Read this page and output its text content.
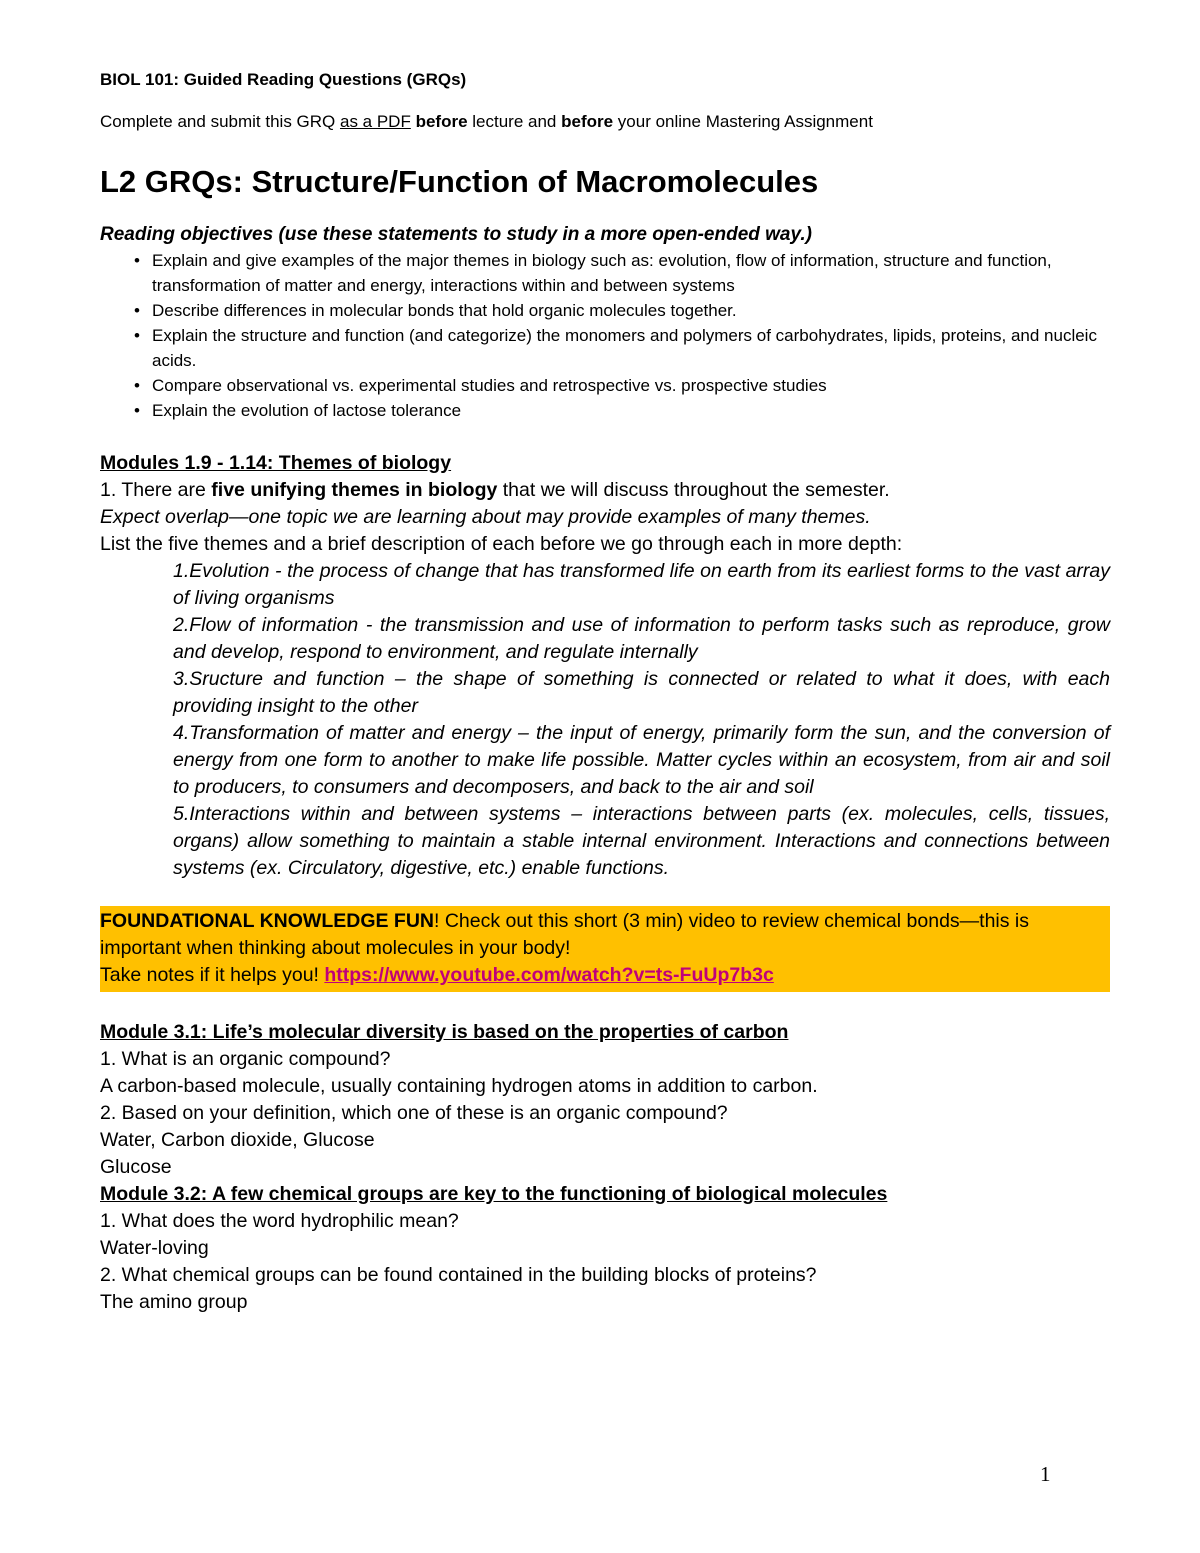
BIOL 101: Guided Reading Questions (GRQs)

Complete and submit this GRQ as a PDF before lecture and before your online Mastering Assignment

L2 GRQs: Structure/Function of Macromolecules

Reading objectives (use these statements to study in a more open-ended way.)

• Explain and give examples of the major themes in biology such as: evolution, flow of information, structure and function, transformation of matter and energy, interactions within and between systems
• Describe differences in molecular bonds that hold organic molecules together.
• Explain the structure and function (and categorize) the monomers and polymers of carbohydrates, lipids, proteins, and nucleic acids.
• Compare observational vs. experimental studies and retrospective vs. prospective studies
• Explain the evolution of lactose tolerance

Modules 1.9 - 1.14: Themes of biology

1. There are five unifying themes in biology that we will discuss throughout the semester.

Expect overlap—one topic we are learning about may provide examples of many themes.

List the five themes and a brief description of each before we go through each in more depth:

1.Evolution - the process of change that has transformed life on earth from its earliest forms to the vast array of living organisms
2.Flow of information - the transmission and use of information to perform tasks such as reproduce, grow and develop, respond to environment, and regulate internally
3.Sructure and function – the shape of something is connected or related to what it does, with each providing insight to the other
4.Transformation of matter and energy – the input of energy, primarily form the sun, and the conversion of energy from one form to another to make life possible. Matter cycles within an ecosystem, from air and soil to producers, to consumers and decomposers, and back to the air and soil
5.Interactions within and between systems – interactions between parts (ex. molecules, cells, tissues, organs) allow something to maintain a stable internal environment. Interactions and connections between systems (ex. Circulatory, digestive, etc.) enable functions.
FOUNDATIONAL KNOWLEDGE FUN! Check out this short (3 min) video to review chemical bonds—this is important when thinking about molecules in your body!
Take notes if it helps you! https://www.youtube.com/watch?v=ts-FuUp7b3c

Module 3.1: Life’s molecular diversity is based on the properties of carbon

1. What is an organic compound?

A carbon-based molecule, usually containing hydrogen atoms in addition to carbon.

2. Based on your definition, which one of these is an organic compound?

Water, Carbon dioxide, Glucose

Glucose

Module 3.2: A few chemical groups are key to the functioning of biological molecules

1. What does the word hydrophilic mean?

Water-loving

2. What chemical groups can be found contained in the building blocks of proteins?

The amino group

1
